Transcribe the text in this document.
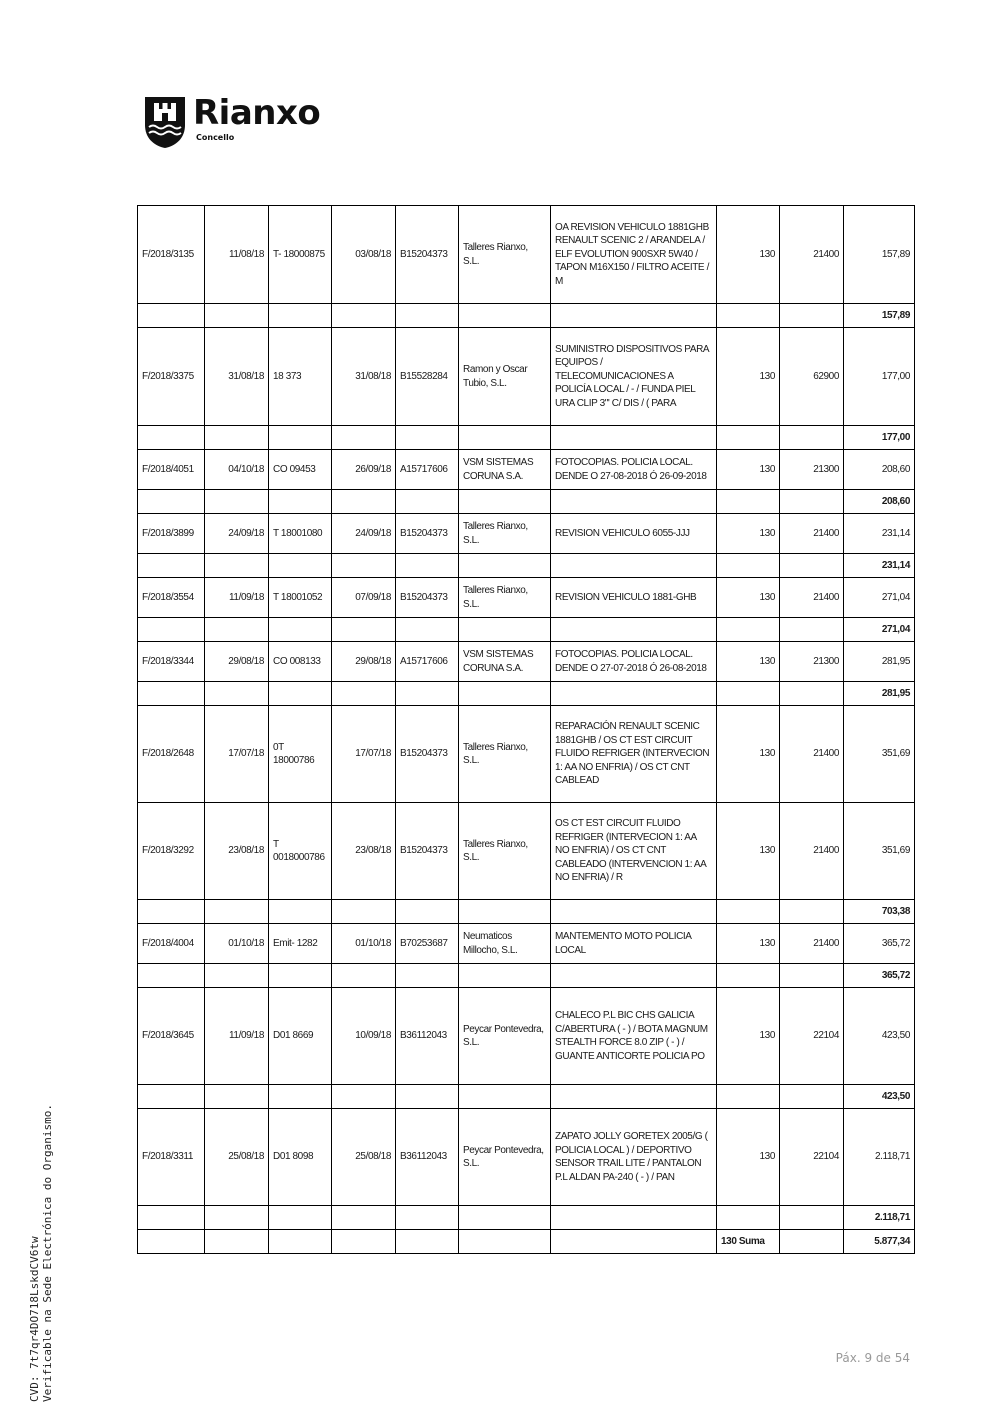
Rianxo
Concello
F/2018/3135	11/08/18	T- 18000875	03/08/18	B15204373	Talleres Rianxo, S.L.	OA REVISION VEHICULO 1881GHB RENAULT SCENIC 2 / ARANDELA / ELF EVOLUTION 900SXR 5W40 / TAPON M16X150 / FILTRO ACEITE / M	130	21400	157,89
									157,89
F/2018/3375	31/08/18	18 373	31/08/18	B15528284	Ramon y Oscar Tubio, S.L.	SUMINISTRO DISPOSITIVOS PARA EQUIPOS / TELECOMUNICACIONES A POLICÍA LOCAL / - / FUNDA PIEL URA CLIP 3"' C/ DIS / ( PARA	130	62900	177,00
									177,00
F/2018/4051	04/10/18	CO 09453	26/09/18	A15717606	VSM SISTEMAS CORUNA S.A.	FOTOCOPIAS. POLICIA LOCAL. DENDE O 27-08-2018 Ó 26-09-2018	130	21300	208,60
									208,60
F/2018/3899	24/09/18	T 18001080	24/09/18	B15204373	Talleres Rianxo, S.L.	REVISION VEHICULO 6055-JJJ	130	21400	231,14
									231,14
F/2018/3554	11/09/18	T 18001052	07/09/18	B15204373	Talleres Rianxo, S.L.	REVISION VEHICULO 1881-GHB	130	21400	271,04
									271,04
F/2018/3344	29/08/18	CO 008133	29/08/18	A15717606	VSM SISTEMAS CORUNA S.A.	FOTOCOPIAS. POLICIA LOCAL. DENDE O 27-07-2018 Ó 26-08-2018	130	21300	281,95
									281,95
F/2018/2648	17/07/18	0T 18000786	17/07/18	B15204373	Talleres Rianxo, S.L.	REPARACIÓN RENAULT SCENIC 1881GHB / OS CT EST CIRCUIT FLUIDO REFRIGER (INTERVECION 1: AA NO ENFRIA) / OS CT CNT CABLEAD	130	21400	351,69
F/2018/3292	23/08/18	T 0018000786	23/08/18	B15204373	Talleres Rianxo, S.L.	OS CT EST CIRCUIT FLUIDO REFRIGER (INTERVECION 1: AA NO ENFRIA) / OS CT CNT CABLEADO (INTERVENCION 1: AA NO ENFRIA) / R	130	21400	351,69
									703,38
F/2018/4004	01/10/18	Emit- 1282	01/10/18	B70253687	Neumaticos Millocho, S.L.	MANTEMENTO MOTO POLICIA LOCAL	130	21400	365,72
									365,72
F/2018/3645	11/09/18	D01 8669	10/09/18	B36112043	Peycar Pontevedra, S.L.	CHALECO P.L BIC CHS GALICIA C/ABERTURA ( - ) / BOTA MAGNUM STEALTH FORCE 8.0 ZIP ( - ) / GUANTE ANTICORTE POLICIA PO	130	22104	423,50
									423,50
F/2018/3311	25/08/18	D01 8098	25/08/18	B36112043	Peycar Pontevedra, S.L.	ZAPATO JOLLY GORETEX 2005/G ( POLICIA LOCAL ) / DEPORTIVO SENSOR TRAIL LITE / PANTALON P.L ALDAN PA-240 ( - ) / PAN	130	22104	2.118,71
									2.118,71
							130 Suma		5.877,34
CVD: 7t7qr4DO718LskdCV6tw Verificable na Sede Electrónica do Organismo.	Páx. 9 de 54
